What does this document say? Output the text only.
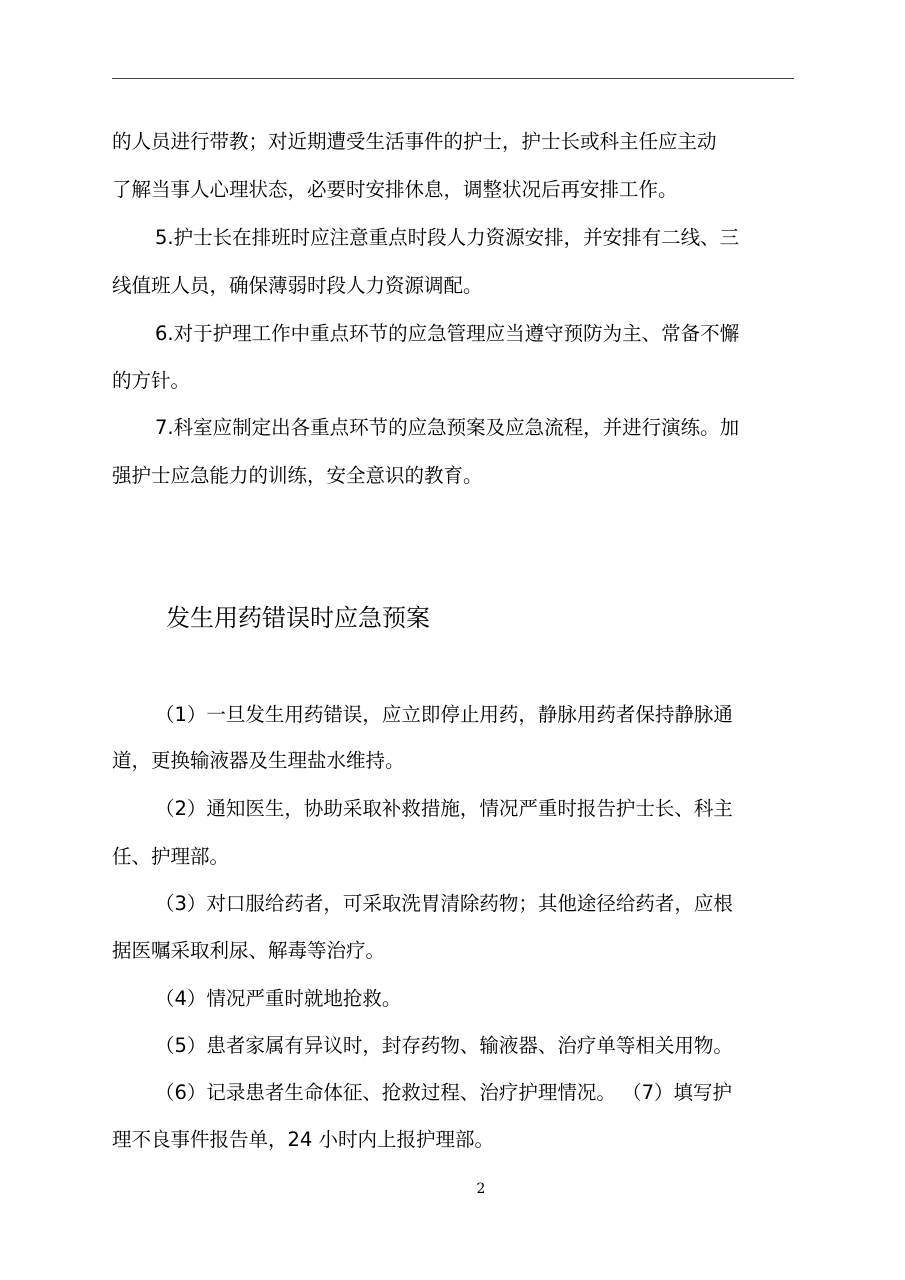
的人员进行带教；对近期遭受生活事件的护士，护士长或科主任应主动
了解当事人心理状态，必要时安排休息，调整状况后再安排工作。
5.护士长在排班时应注意重点时段人力资源安排，并安排有二线、三
线值班人员，确保薄弱时段人力资源调配。
6.对于护理工作中重点环节的应急管理应当遵守预防为主、常备不懈
的方针。
7.科室应制定出各重点环节的应急预案及应急流程，并进行演练。加
强护士应急能力的训练，安全意识的教育。
发生用药错误时应急预案
（1）一旦发生用药错误，应立即停止用药，静脉用药者保持静脉通
道，更换输液器及生理盐水维持。
（2）通知医生，协助采取补救措施，情况严重时报告护士长、科主
任、护理部。
（3）对口服给药者，可采取洗胃清除药物；其他途径给药者，应根
据医嘱采取利尿、解毒等治疗。
（4）情况严重时就地抢救。
（5）患者家属有异议时，封存药物、输液器、治疗单等相关用物。
（6）记录患者生命体征、抢救过程、治疗护理情况。 （7）填写护
理不良事件报告单，24 小时内上报护理部。
2
